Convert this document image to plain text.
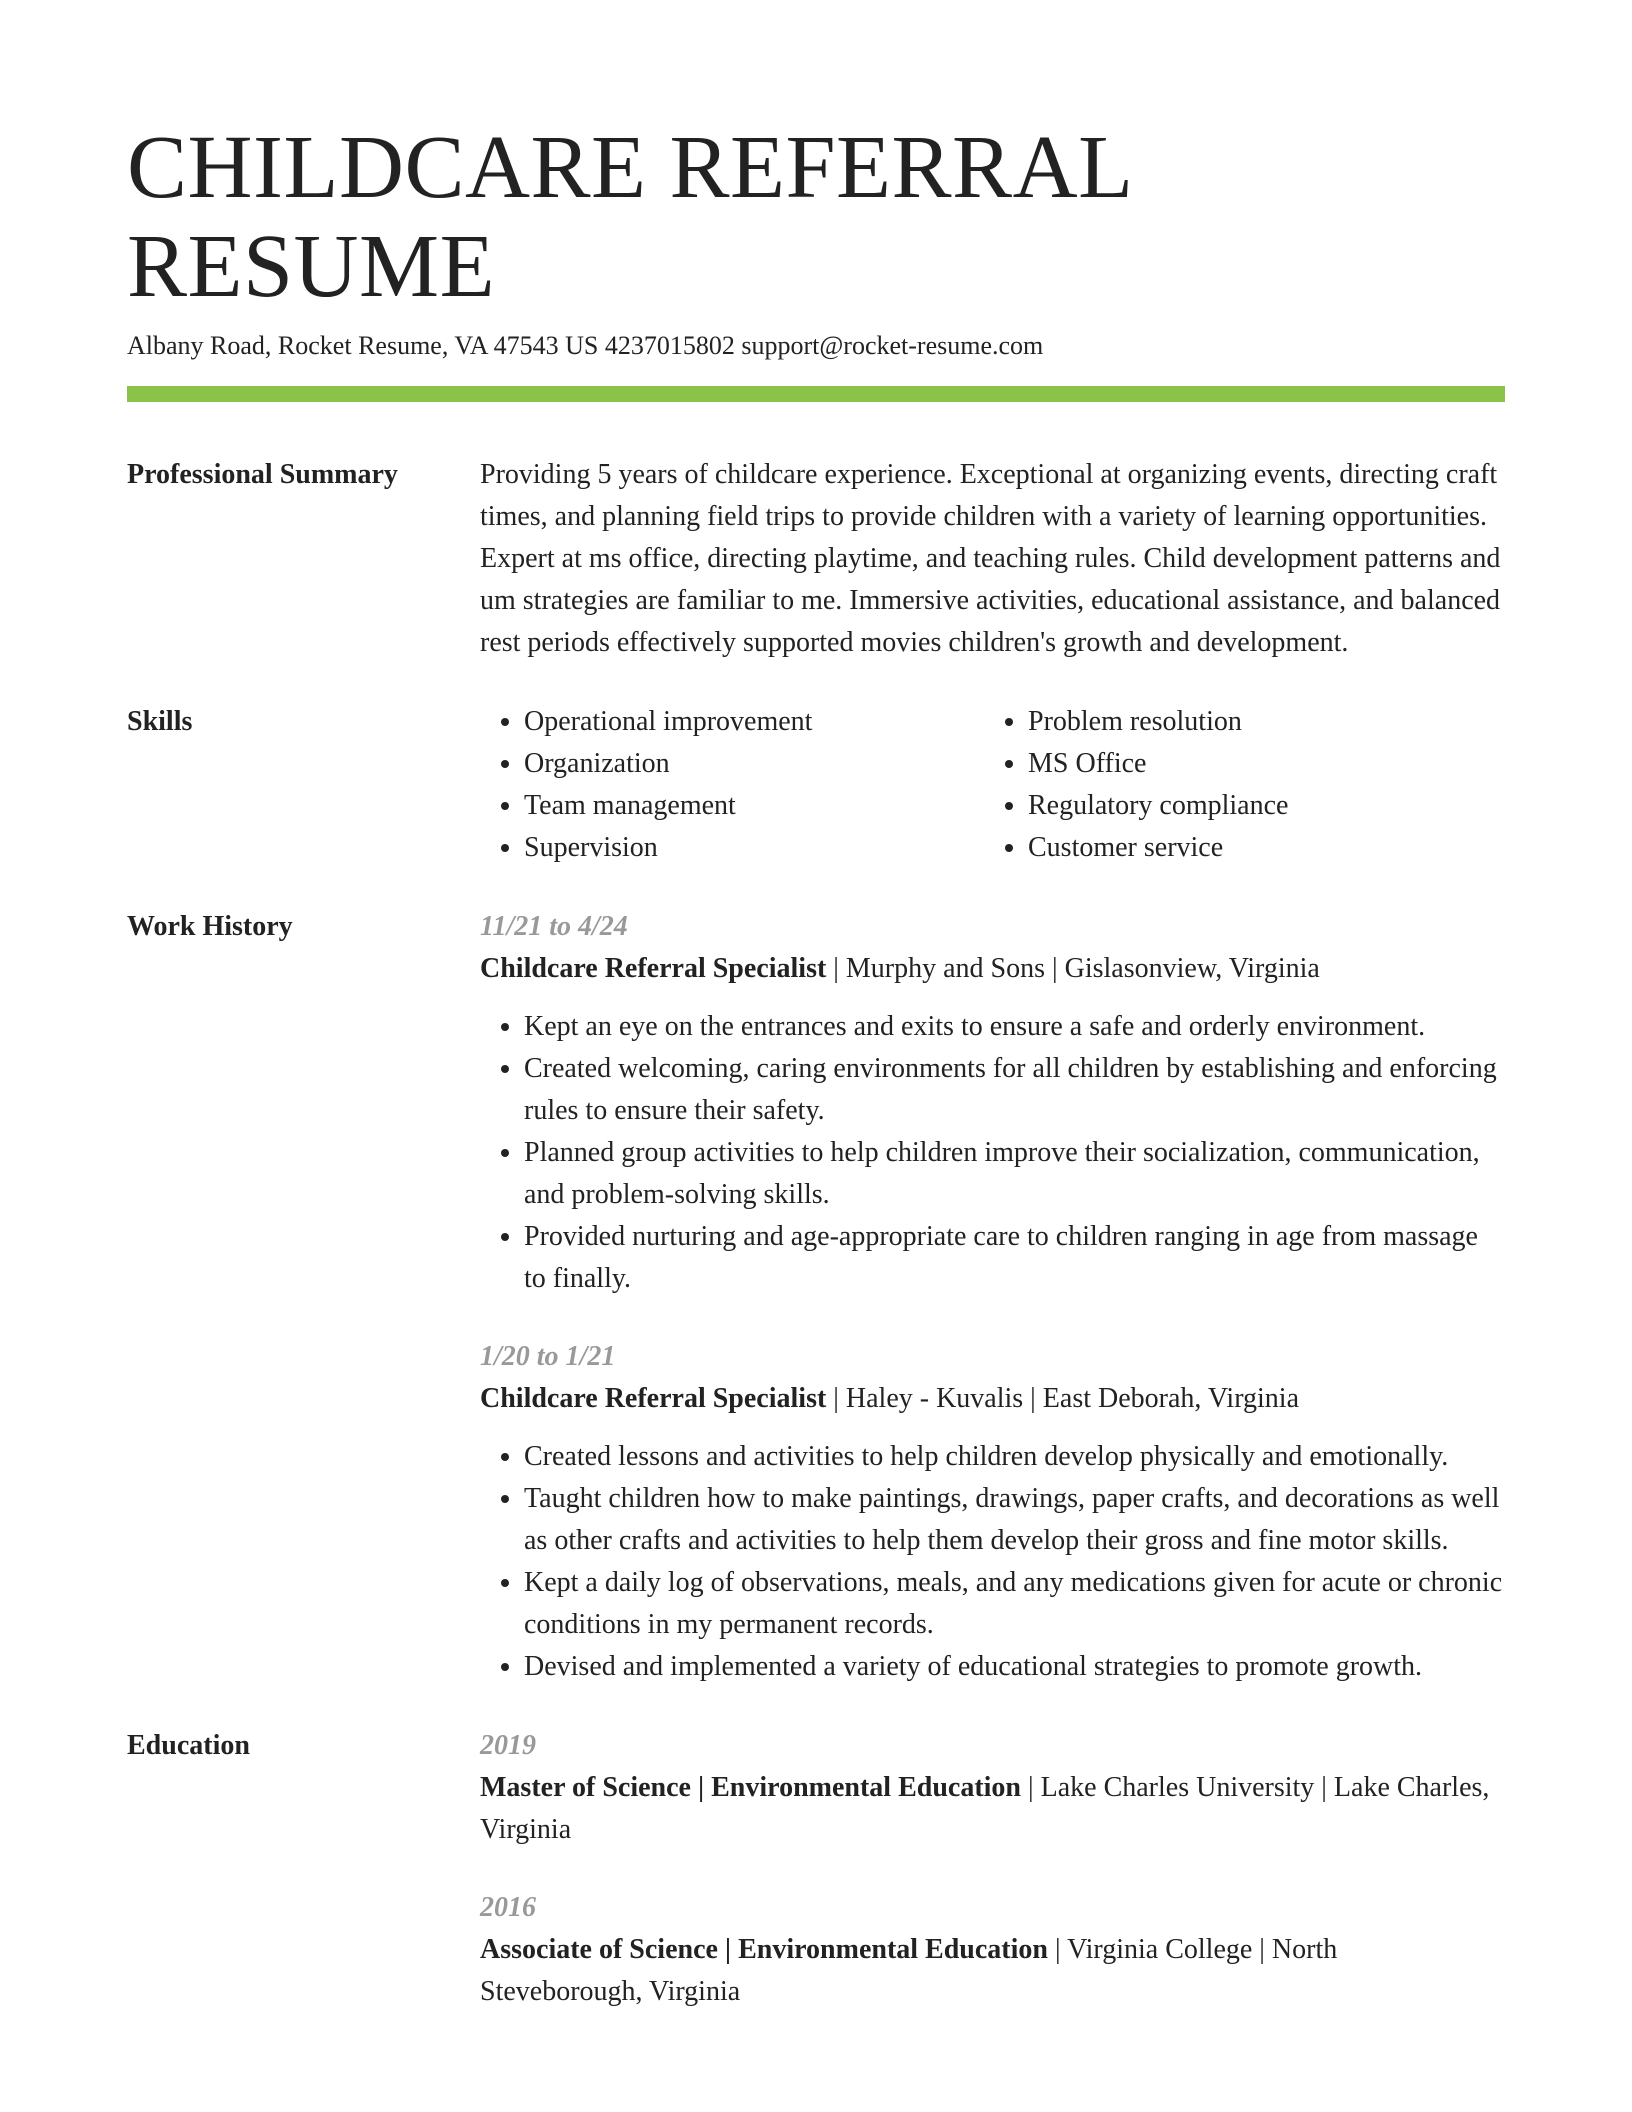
CHILDCARE REFERRAL RESUME
Albany Road, Rocket Resume, VA 47543 US 4237015802 support@rocket-resume.com
Professional Summary	Providing 5 years of childcare experience. Exceptional at organizing events, directing craft times, and planning field trips to provide children with a variety of learning opportunities. Expert at ms office, directing playtime, and teaching rules. Child development patterns and um strategies are familiar to me. Immersive activities, educational assistance, and balanced rest periods effectively supported movies children's growth and development.

Skills
•	Operational improvement
• Organization
• Team management
• Supervision
• Problem resolution
• MS Office
• Regulatory compliance
• Customer service
Work History	11/21 to 4/24
Childcare Referral Specialist | Murphy and Sons | Gislasonview, Virginia
• Kept an eye on the entrances and exits to ensure a safe and orderly environment.
• Created welcoming, caring environments for all children by establishing and enforcing rules to ensure their safety.
• Planned group activities to help children improve their socialization, communication, and problem-solving skills.
• Provided nurturing and age-appropriate care to children ranging in age from massage to finally.
1/20 to 1/21
Childcare Referral Specialist | Haley - Kuvalis | East Deborah, Virginia
• Created lessons and activities to help children develop physically and emotionally.
• Taught children how to make paintings, drawings, paper crafts, and decorations as well as other crafts and activities to help them develop their gross and fine motor skills.
• Kept a daily log of observations, meals, and any medications given for acute or chronic conditions in my permanent records.
• Devised and implemented a variety of educational strategies to promote growth.
Education	2019
Master of Science | Environmental Education | Lake Charles University | Lake Charles, Virginia
2016
Associate of Science | Environmental Education | Virginia College | North Steveborough, Virginia
